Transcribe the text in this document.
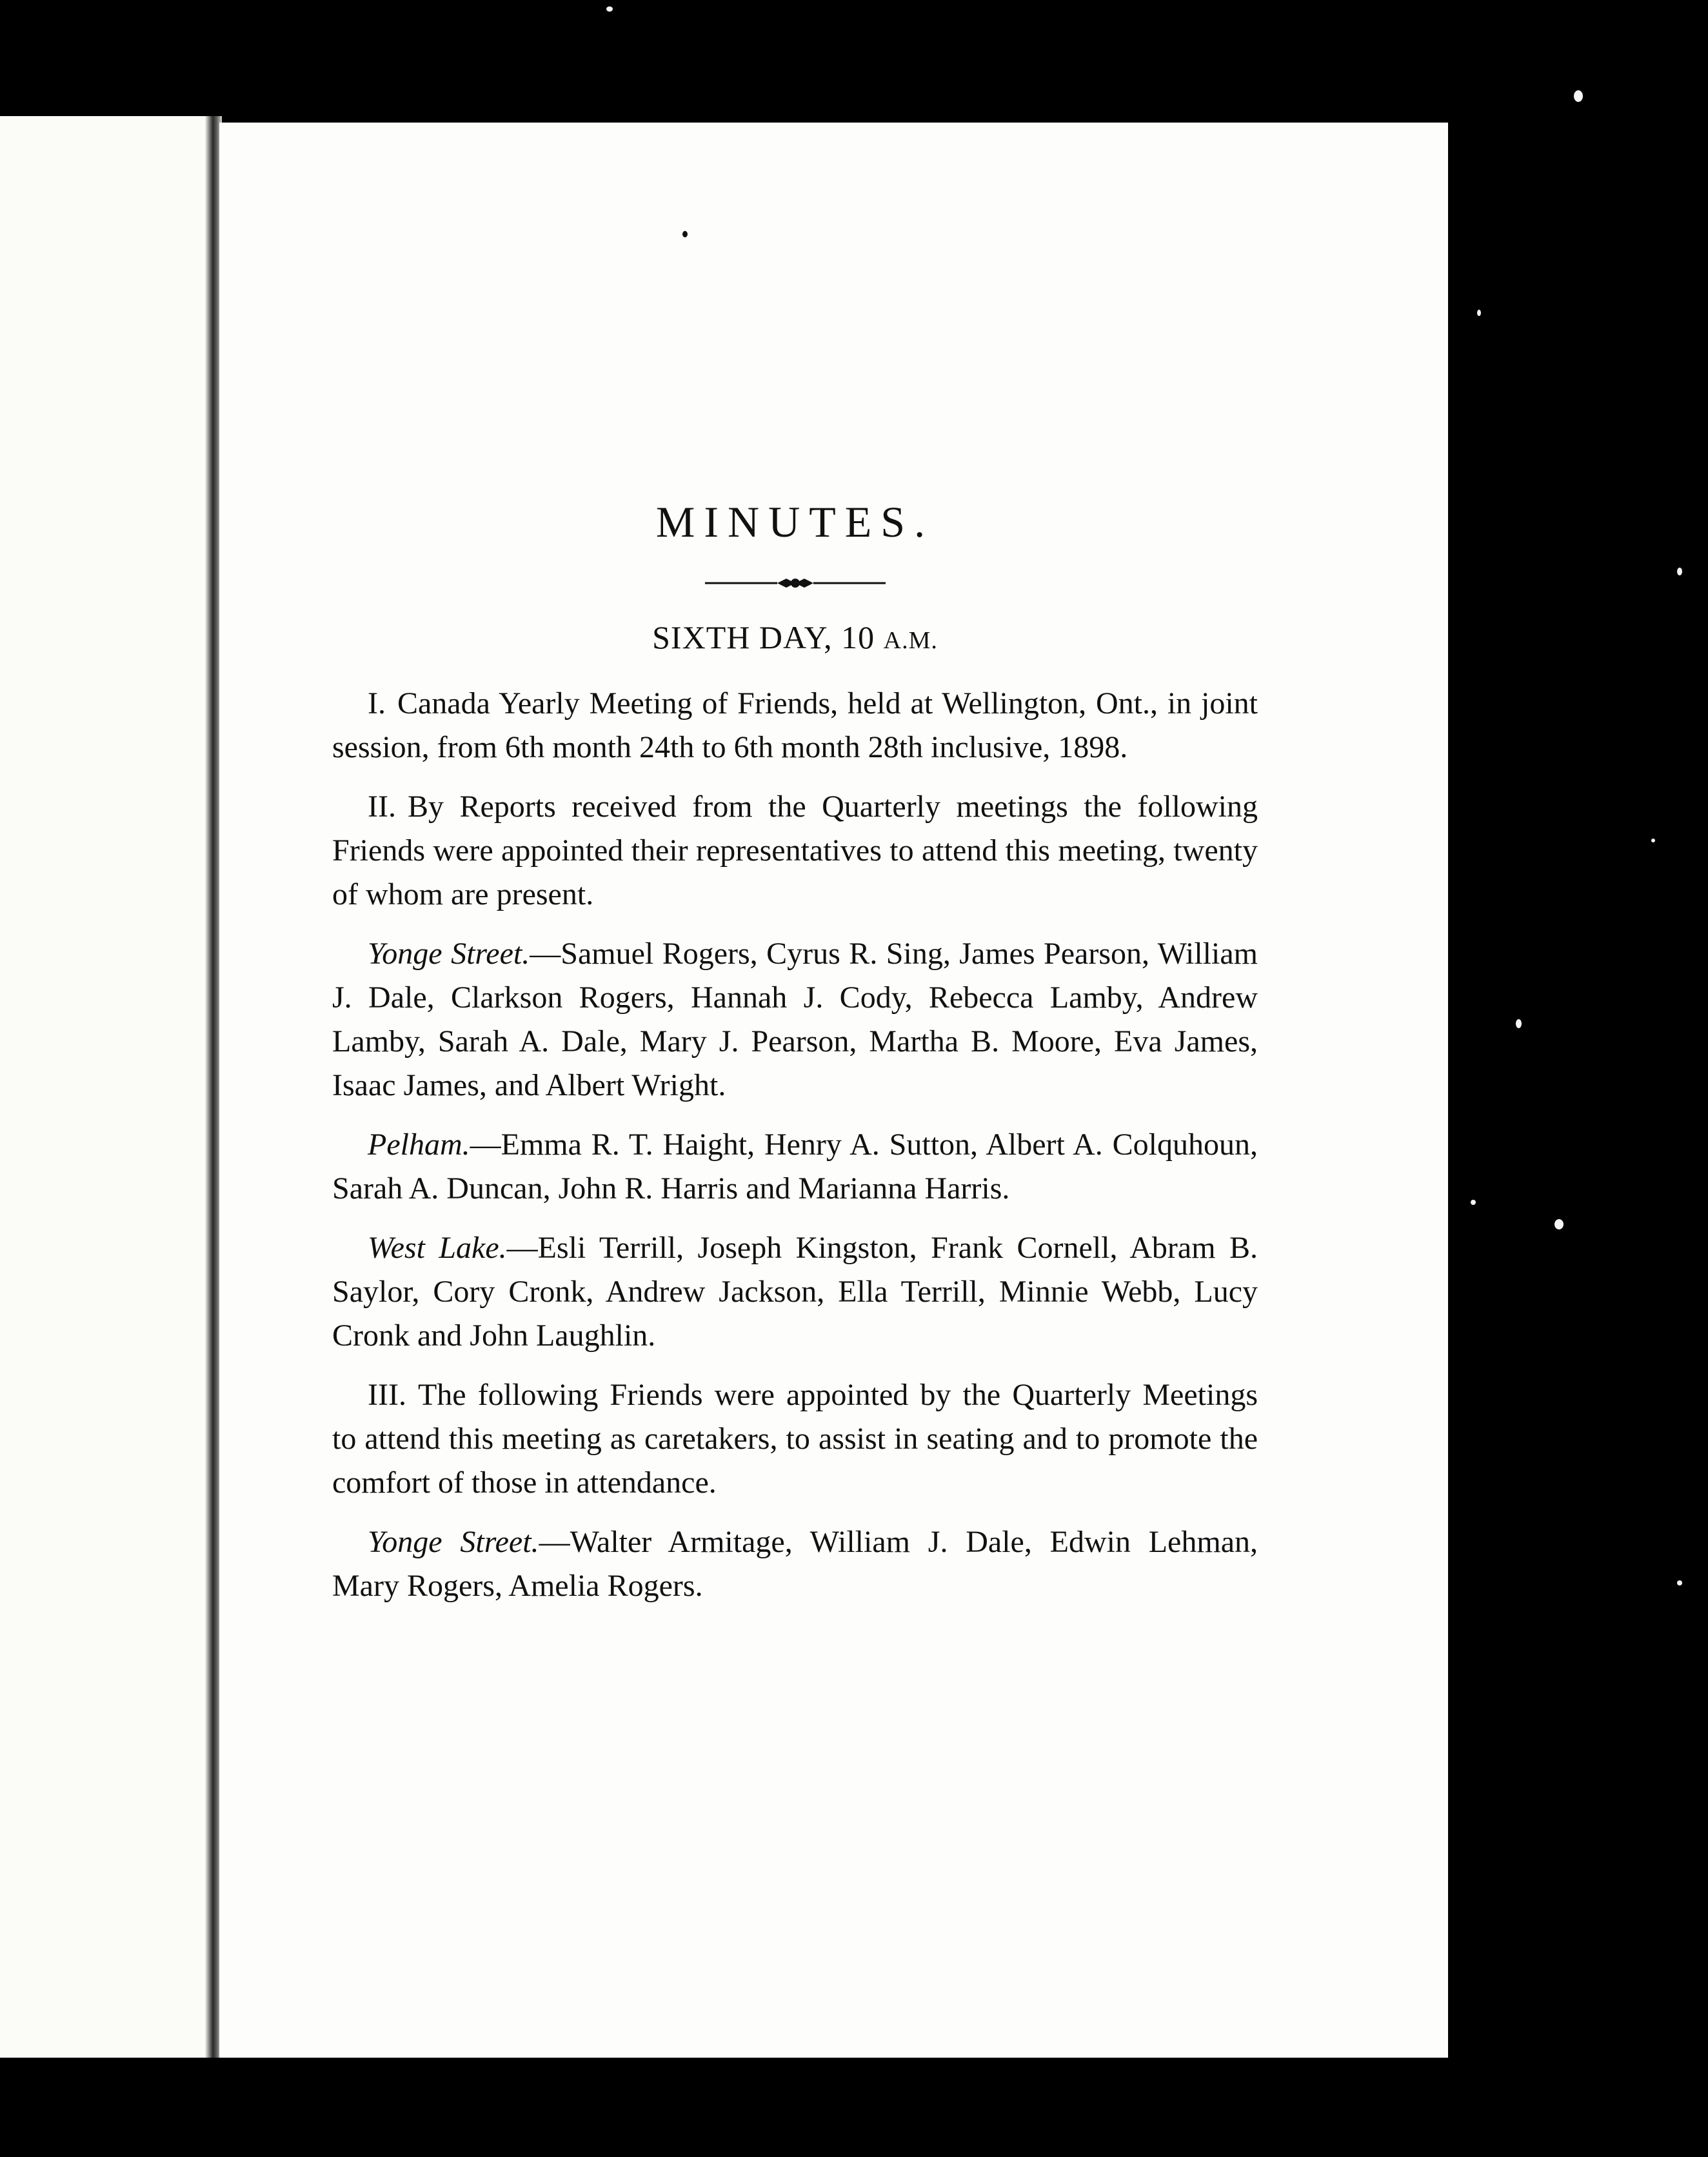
MINUTES.
SIXTH DAY, 10 A.M.

I. Canada Yearly Meeting of Friends, held at Wellington, Ont., in joint session, from 6th month 24th to 6th month 28th inclusive, 1898.

II. By Reports received from the Quarterly meetings the following Friends were appointed their representatives to attend this meeting, twenty of whom are present.

Yonge Street.—Samuel Rogers, Cyrus R. Sing, James Pearson, William J. Dale, Clarkson Rogers, Hannah J. Cody, Rebecca Lamby, Andrew Lamby, Sarah A. Dale, Mary J. Pearson, Martha B. Moore, Eva James, Isaac James, and Albert Wright.

Pelham.—Emma R. T. Haight, Henry A. Sutton, Albert A. Colquhoun, Sarah A. Duncan, John R. Harris and Marianna Harris.

West Lake.—Esli Terrill, Joseph Kingston, Frank Cornell, Abram B. Saylor, Cory Cronk, Andrew Jackson, Ella Terrill, Minnie Webb, Lucy Cronk and John Laughlin.

III. The following Friends were appointed by the Quarterly Meetings to attend this meeting as caretakers, to assist in seating and to promote the comfort of those in attendance.

Yonge Street.—Walter Armitage, William J. Dale, Edwin Lehman, Mary Rogers, Amelia Rogers.
